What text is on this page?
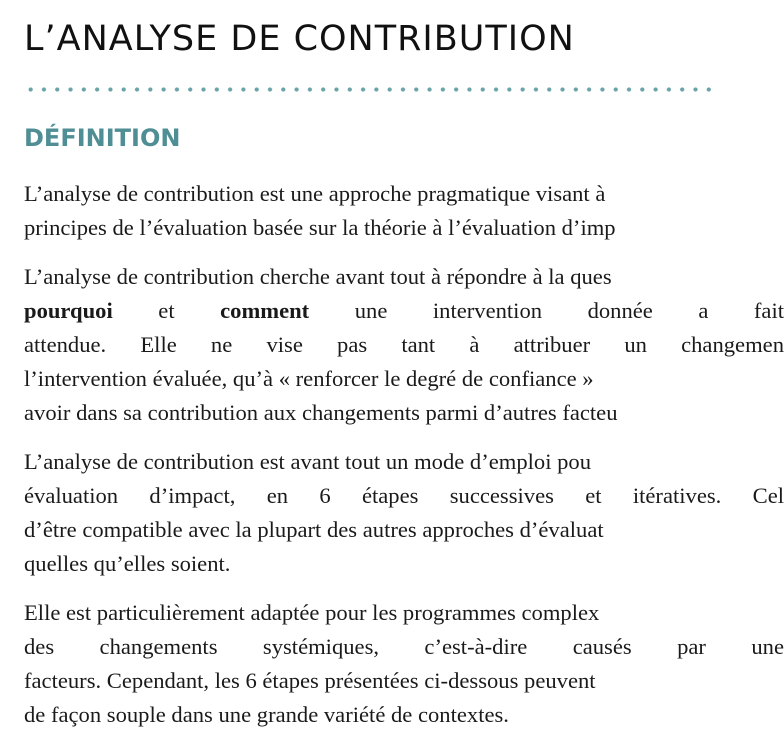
L’ANALYSE DE CONTRIBUTION
DÉFINITION

L’analyse de contribution est une approche pragmatique visant à
principes de l’évaluation basée sur la théorie à l’évaluation d’imp

L’analyse de contribution cherche avant tout à répondre à la ques
pourquoi et comment une intervention donnée a fait
attendue. Elle ne vise pas tant à attribuer un changemen
l’intervention évaluée, qu’à « renforcer le degré de confiance »
avoir dans sa contribution aux changements parmi d’autres facteu

L’analyse de contribution est avant tout un mode d’emploi pou
évaluation d’impact, en 6 étapes successives et itératives. Cel
d’être compatible avec la plupart des autres approches d’évaluat
quelles qu’elles soient.

Elle est particulièrement adaptée pour les programmes complex
des changements systémiques, c’est-à-dire causés par une
facteurs. Cependant, les 6 étapes présentées ci-dessous peuvent
de façon souple dans une grande variété de contextes.
